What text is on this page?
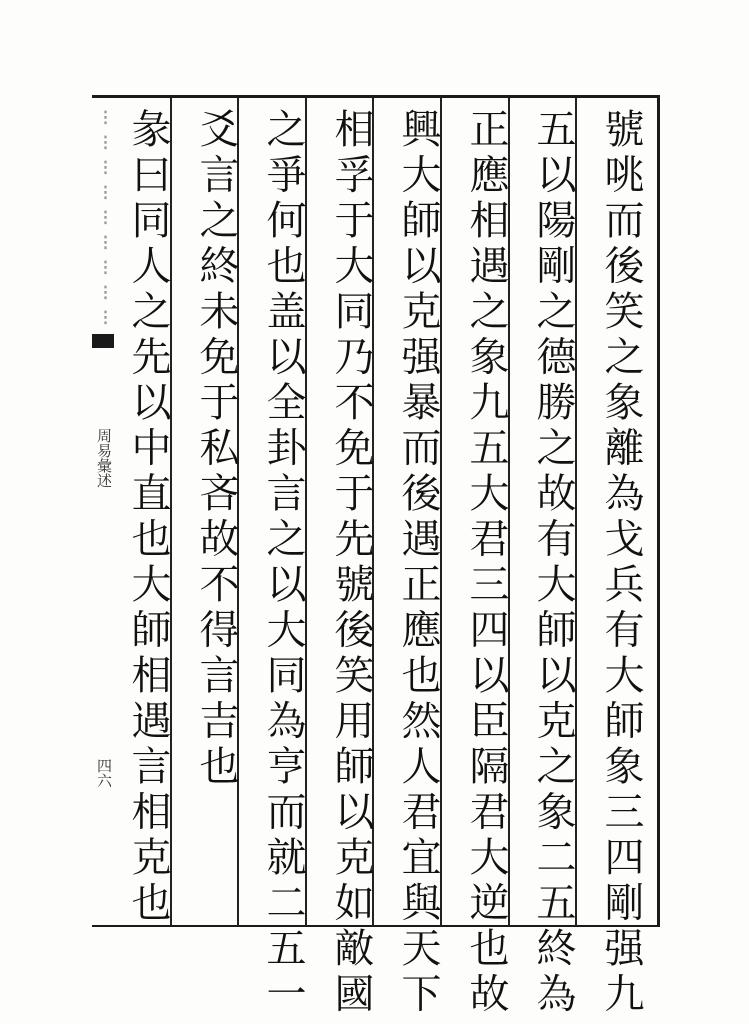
號咷而後笑之象離為戈兵有大師象三四剛强九
五以陽剛之德勝之故有大師以克之象二五終為
正應相遇之象九五大君三四以臣隔君大逆也故
興大師以克强暴而後遇正應也然人君宜與天下
相孚于大同乃不免于先號後笑用師以克如敵國
之爭何也盖以全卦言之以大同為亨而就二五一
爻言之終未免于私吝故不得言吉也
彖曰同人之先以中直也大師相遇言相克也
⁝⁝⁝⁝⁝⁝⁝⁝⁝
周易彙述
四六
